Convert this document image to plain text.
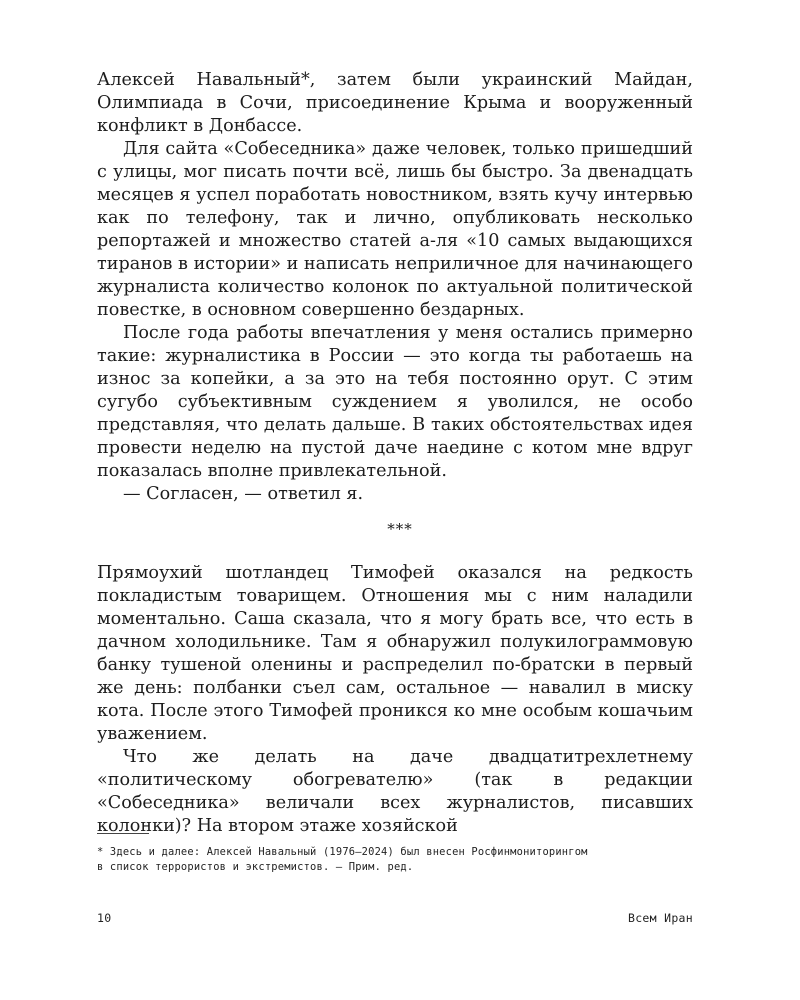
Алексей Навальный*, затем были украинский Майдан, Олимпиада в Сочи, присоединение Крыма и вооруженный конфликт в Донбассе.

Для сайта «Собеседника» даже человек, только пришедший с улицы, мог писать почти всё, лишь бы быстро. За двенадцать месяцев я успел поработать новостником, взять кучу интервью как по телефону, так и лично, опубликовать несколько репортажей и множество статей а-ля «10 самых выдающихся тиранов в истории» и написать неприличное для начинающего журналиста количество колонок по актуальной политической повестке, в основном совершенно бездарных.

После года работы впечатления у меня остались примерно такие: журналистика в России — это когда ты работаешь на износ за копейки, а за это на тебя постоянно орут. С этим сугубо субъективным суждением я уволился, не особо представляя, что делать дальше. В таких обстоятельствах идея провести неделю на пустой даче наедине с котом мне вдруг показалась вполне привлекательной.

— Согласен, — ответил я.

***

Прямоухий шотландец Тимофей оказался на редкость покладистым товарищем. Отношения мы с ним наладили моментально. Саша сказала, что я могу брать все, что есть в дачном холодильнике. Там я обнаружил полукилограммовую банку тушеной оленины и распределил по-братски в первый же день: полбанки съел сам, остальное — навалил в миску кота. После этого Тимофей проникся ко мне особым кошачьим уважением.

Что же делать на даче двадцатитрехлетнему «политическому обогревателю» (так в редакции «Собеседника» величали всех журналистов, писавших колонки)? На втором этаже хозяйской

* Здесь и далее: Алексей Навальный (1976–2024) был внесен Росфинмониторингом

в список террористов и экстремистов. — Прим. ред.

10	Всем Иран
